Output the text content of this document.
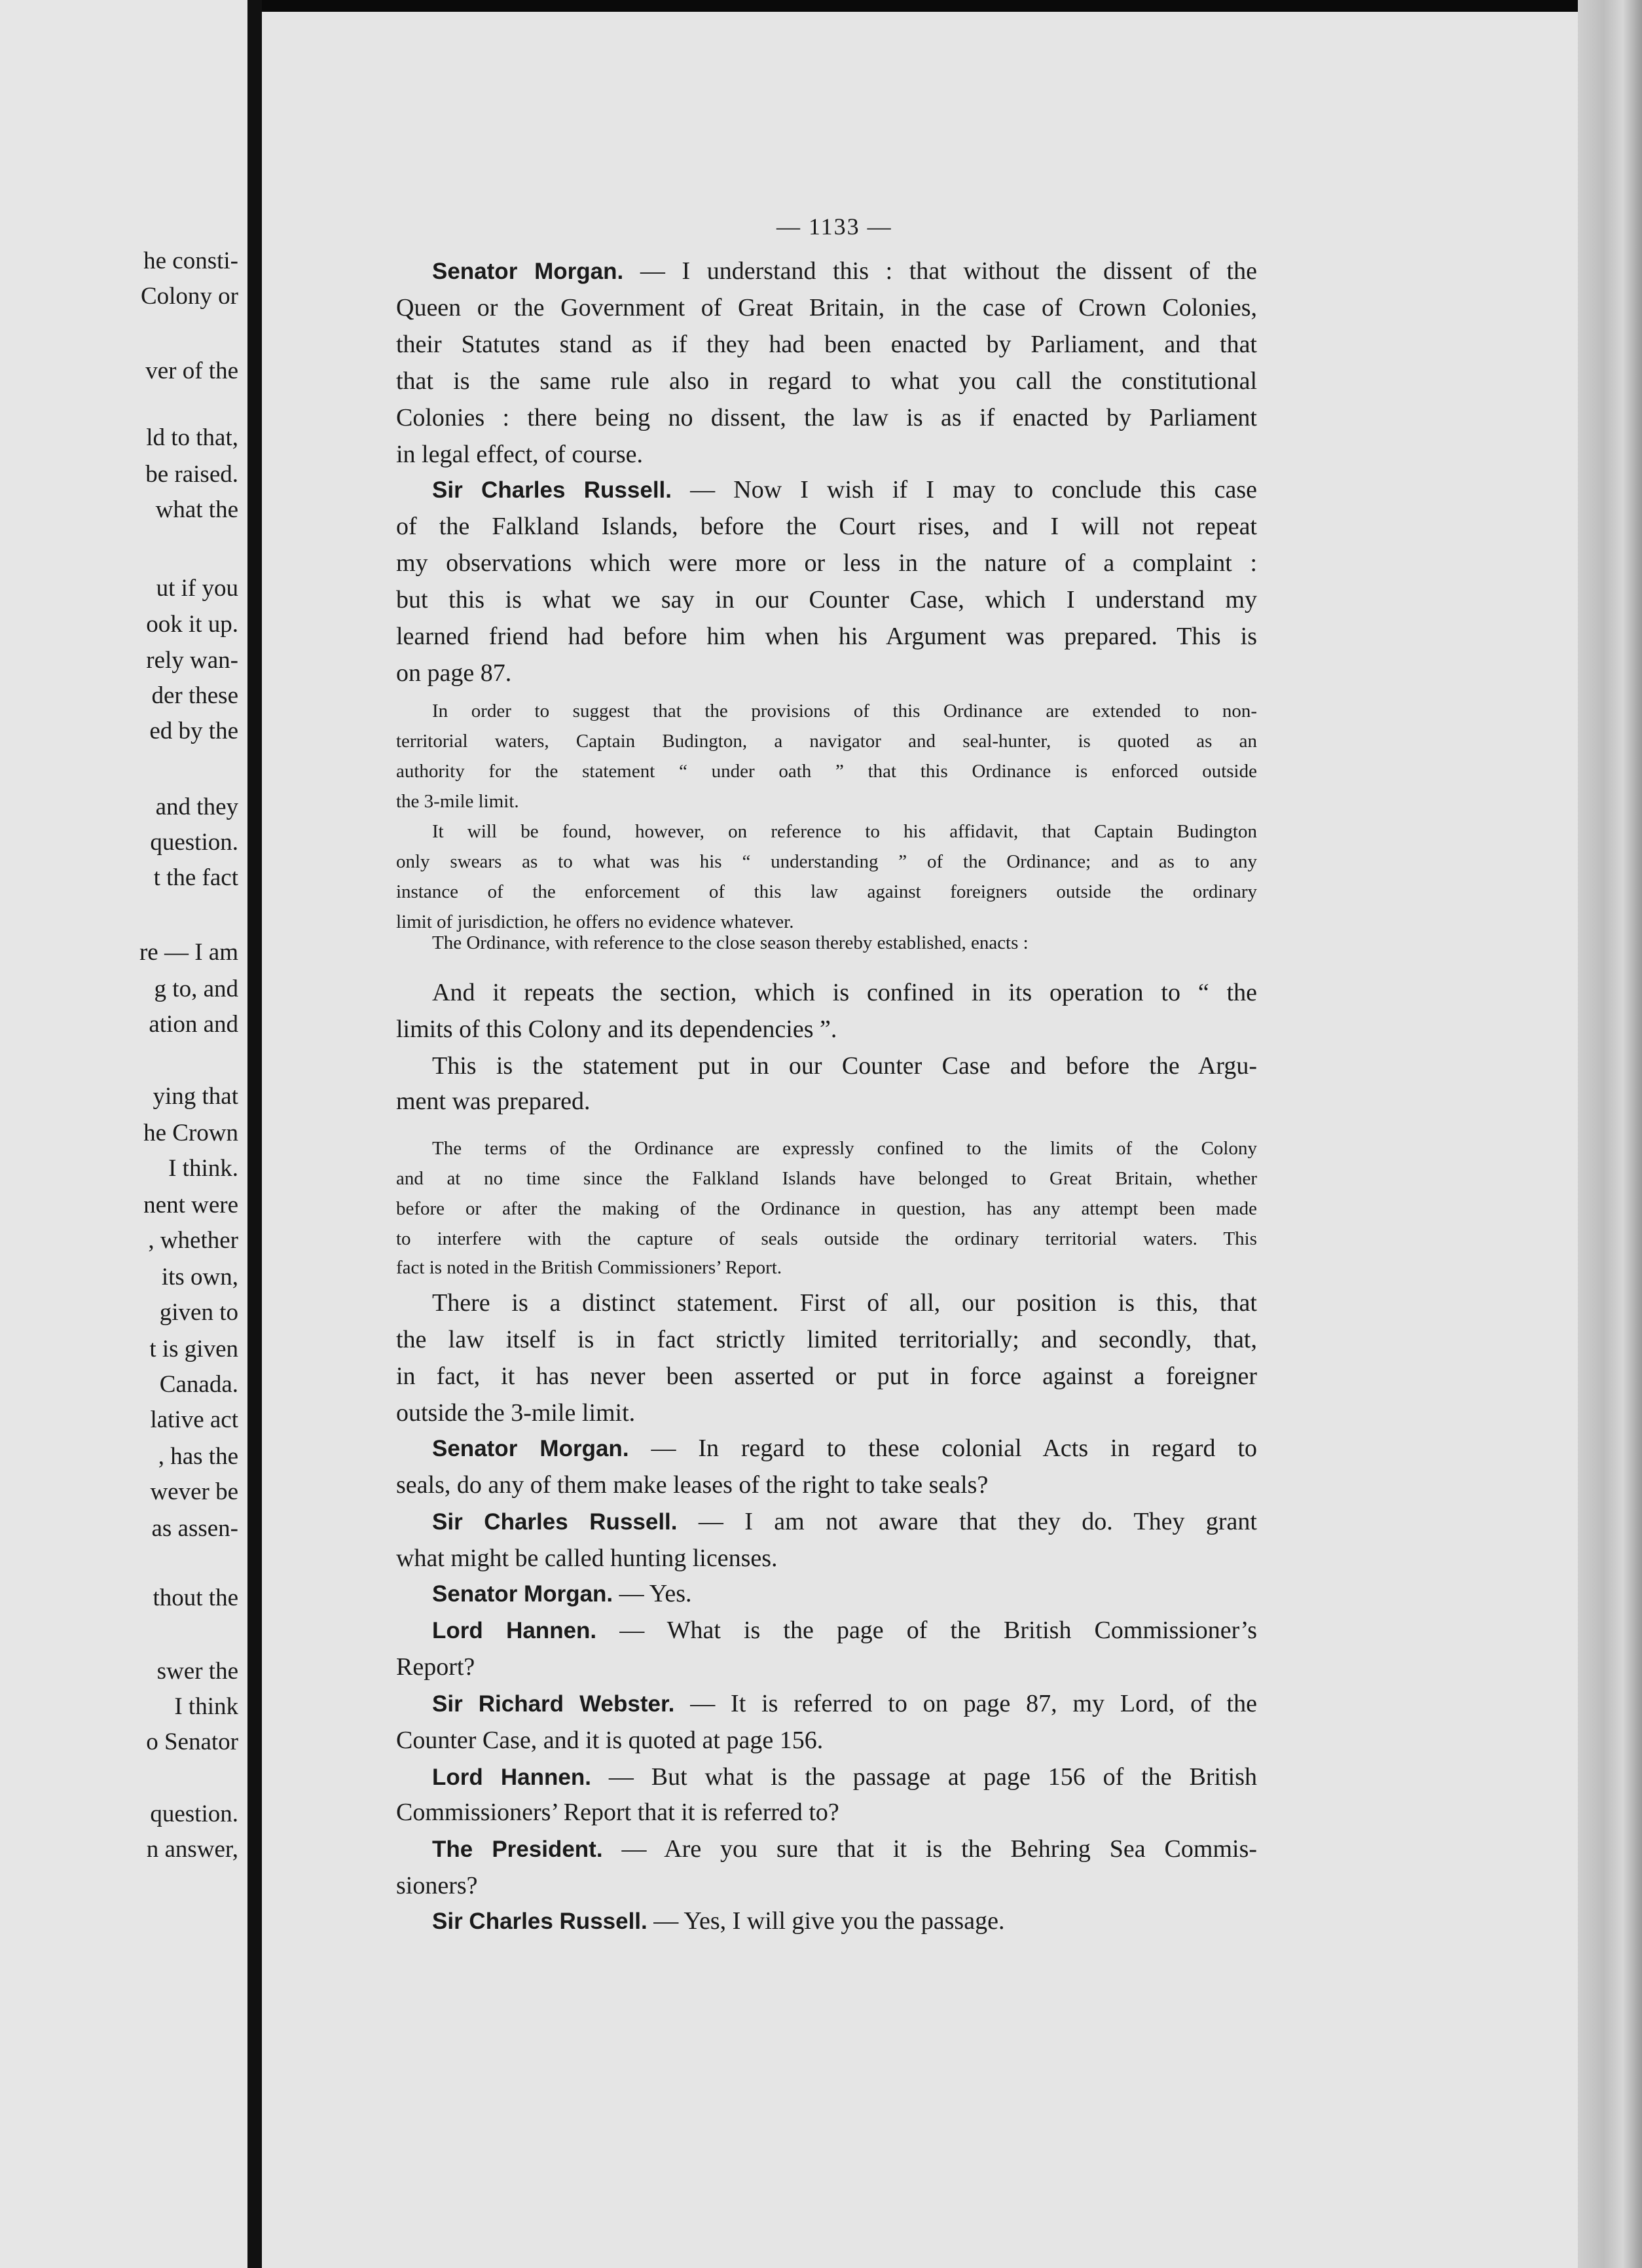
he consti-
Colony or
ver of the
ld to that,
be raised.
what the
ut if you
ook it up.
rely wan-
der these
ed by the
and they
question.
t the fact
re — I am
g to, and
ation and
ying that
he Crown
I think.
nent were
, whether
its own,
given to
t is given
Canada.
lative act
, has the
wever be
as assen-
thout the
swer the
I think
o Senator
question.
n answer,
— 1133 —
Senator Morgan. — I understand this : that without the dissent of the
Queen or the Government of Great Britain, in the case of Crown Colonies,
their Statutes stand as if they had been enacted by Parliament, and that
that is the same rule also in regard to what you call the constitutional
Colonies : there being no dissent, the law is as if enacted by Parliament
in legal effect, of course.
Sir Charles Russell. — Now I wish if I may to conclude this case
of the Falkland Islands, before the Court rises, and I will not repeat
my observations which were more or less in the nature of a complaint :
but this is what we say in our Counter Case, which I understand my
learned friend had before him when his Argument was prepared. This is
on page 87.
In order to suggest that the provisions of this Ordinance are extended to non-
territorial waters, Captain Budington, a navigator and seal-hunter, is quoted as an
authority for the statement “ under oath ” that this Ordinance is enforced outside
the 3-mile limit.
It will be found, however, on reference to his affidavit, that Captain Budington
only swears as to what was his “ understanding ” of the Ordinance; and as to any
instance of the enforcement of this law against foreigners outside the ordinary
limit of jurisdiction, he offers no evidence whatever.
The Ordinance, with reference to the close season thereby established, enacts :
And it repeats the section, which is confined in its operation to “ the
limits of this Colony and its dependencies ”.
This is the statement put in our Counter Case and before the Argu-
ment was prepared.
The terms of the Ordinance are expressly confined to the limits of the Colony
and at no time since the Falkland Islands have belonged to Great Britain, whether
before or after the making of the Ordinance in question, has any attempt been made
to interfere with the capture of seals outside the ordinary territorial waters. This
fact is noted in the British Commissioners’ Report.
There is a distinct statement. First of all, our position is this, that
the law itself is in fact strictly limited territorially; and secondly, that,
in fact, it has never been asserted or put in force against a foreigner
outside the 3-mile limit.
Senator Morgan. — In regard to these colonial Acts in regard to
seals, do any of them make leases of the right to take seals?
Sir Charles Russell. — I am not aware that they do. They grant
what might be called hunting licenses.
Senator Morgan. — Yes.
Lord Hannen. — What is the page of the British Commissioner’s
Report?
Sir Richard Webster. — It is referred to on page 87, my Lord, of the
Counter Case, and it is quoted at page 156.
Lord Hannen. — But what is the passage at page 156 of the British
Commissioners’ Report that it is referred to?
The President. — Are you sure that it is the Behring Sea Commis-
sioners?
Sir Charles Russell. — Yes, I will give you the passage.
